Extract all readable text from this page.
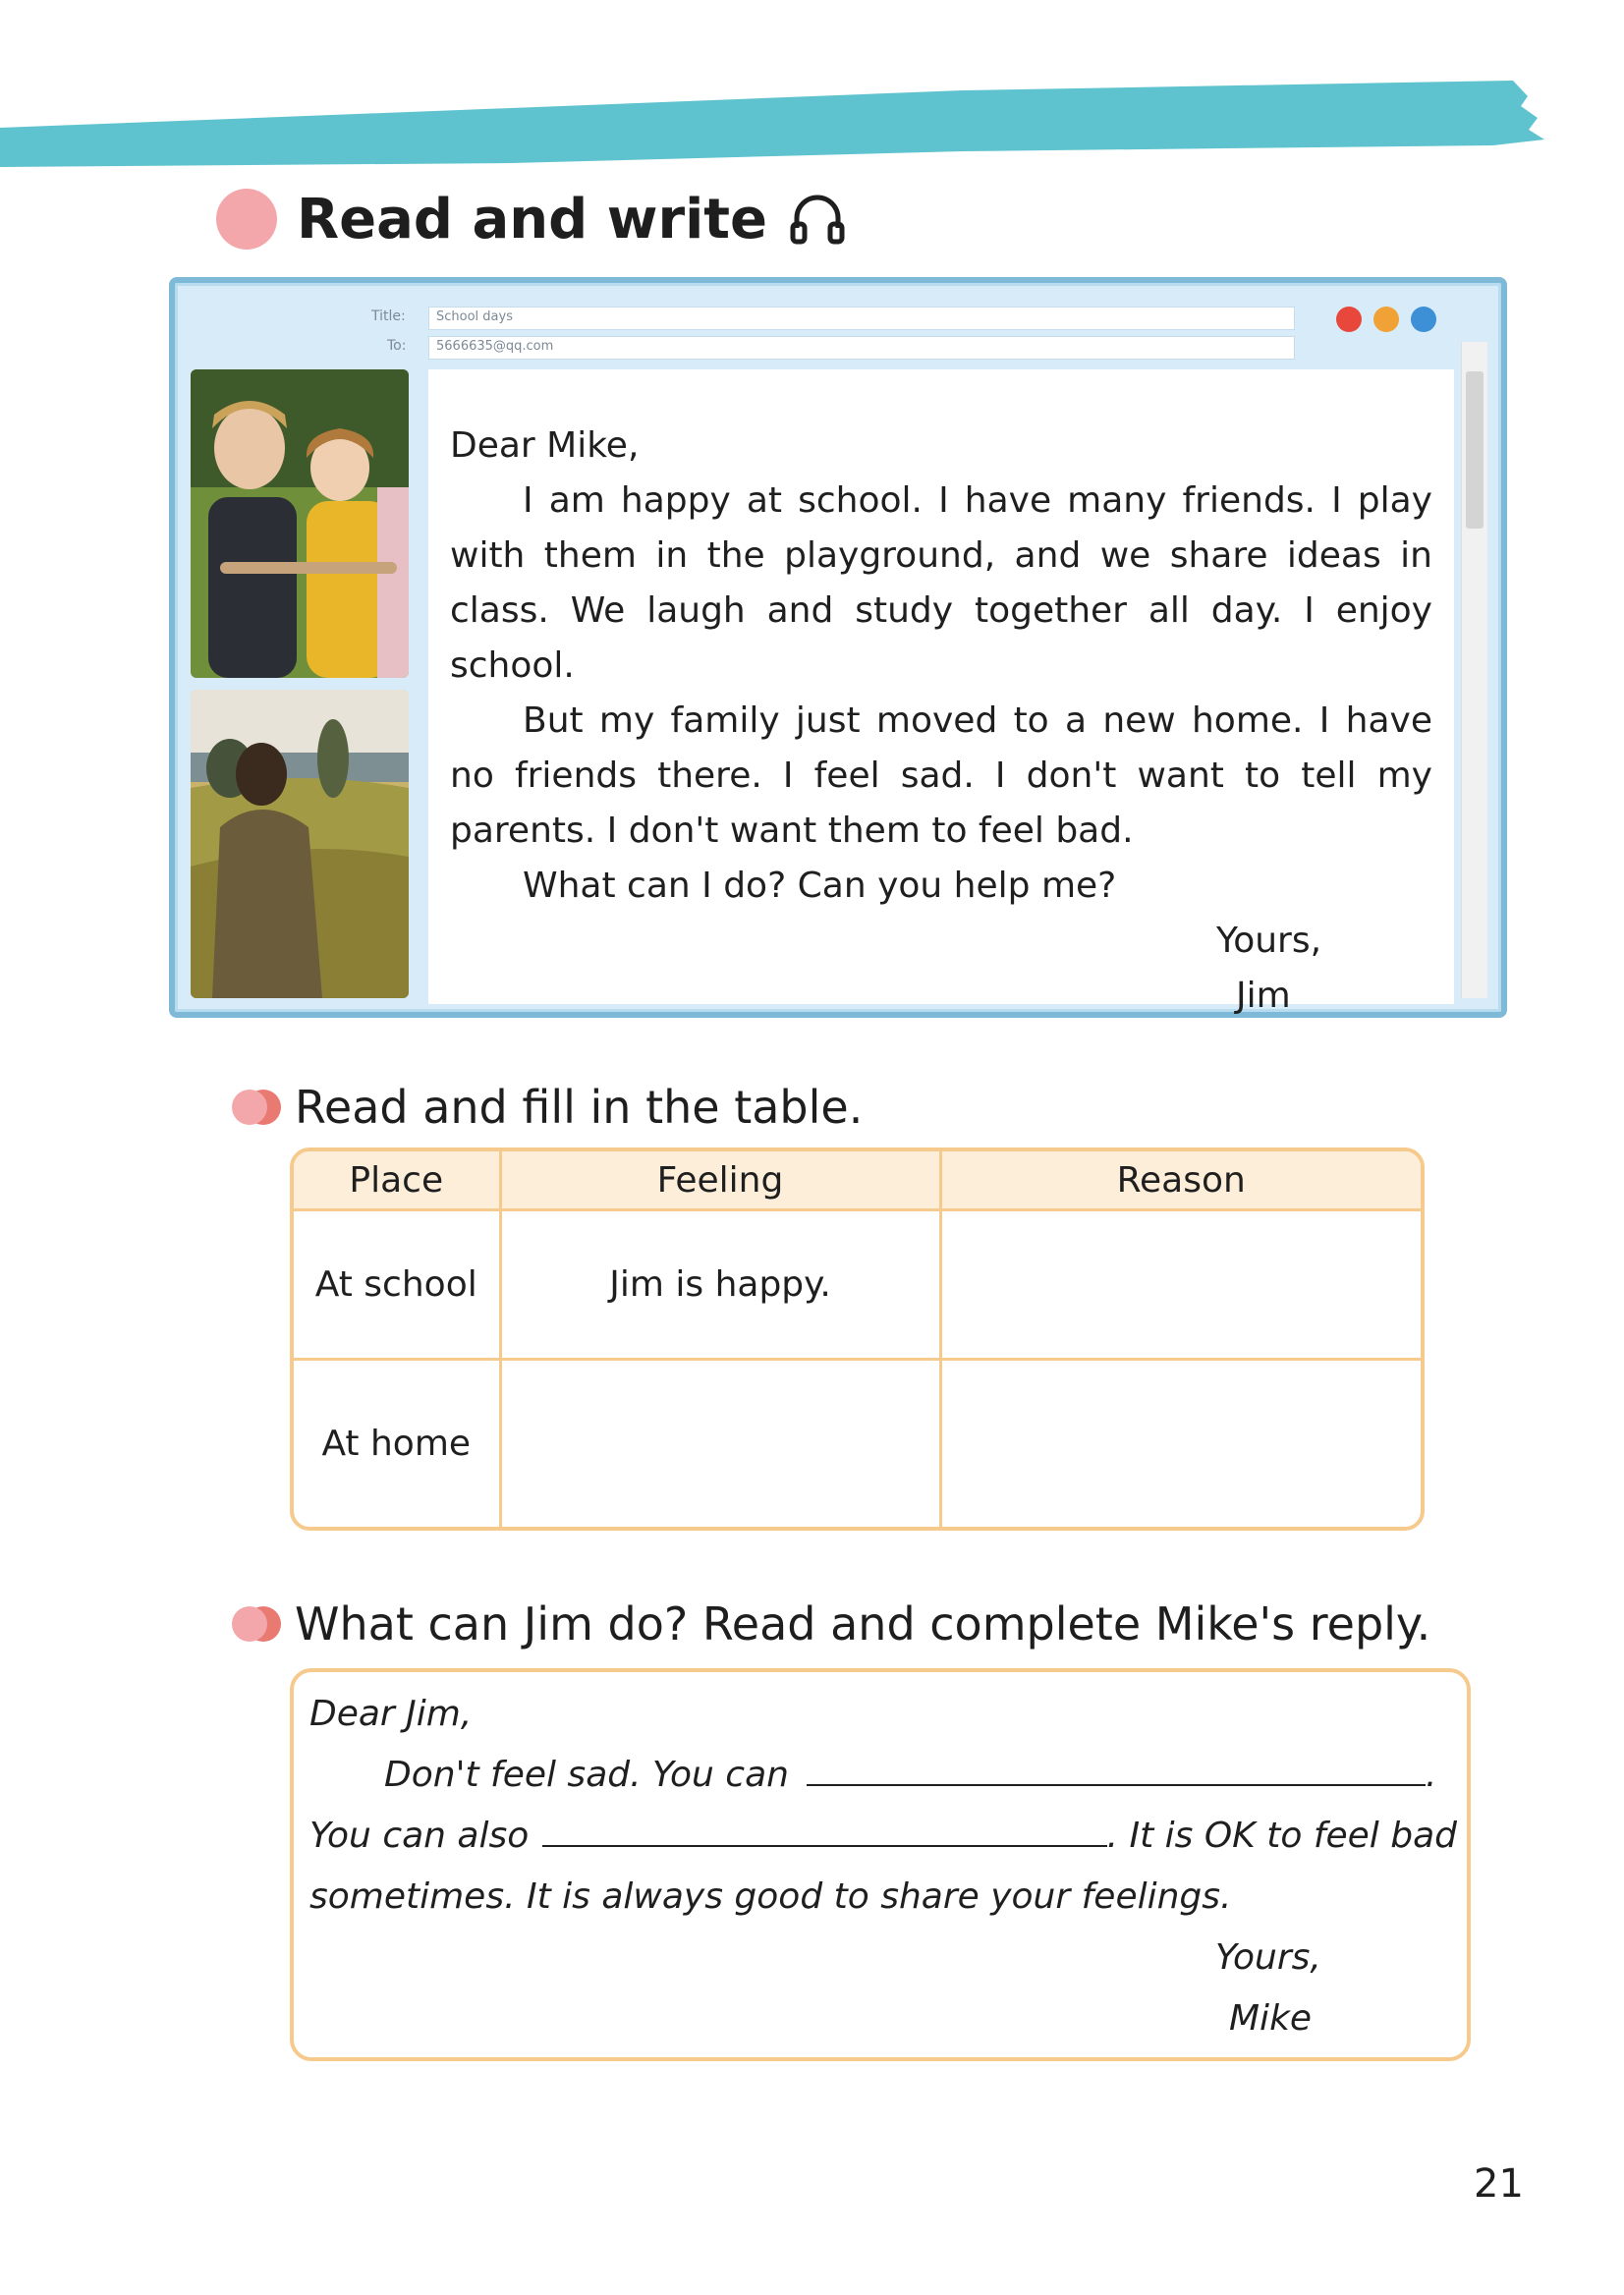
Read and write
Title: School days
To: 5666635@qq.com

Dear Mike,

I am happy at school. I have many friends. I play with them in the playground, and we share ideas in class. We laugh and study together all day. I enjoy school.

But my family just moved to a new home. I have no friends there. I feel sad. I don't want to tell my parents. I don't want them to feel bad.

What can I do? Can you help me?

Yours,

Jim

Read and fill in the table.
Place	Feeling	Reason
At school	Jim is happy.	
At home		
What can Jim do? Read and complete Mike's reply.
Dear Jim,
Don't feel sad. You can	.
You can also	. It is OK to feel bad
sometimes. It is always good to share your feelings.
Yours,
Mike
21
